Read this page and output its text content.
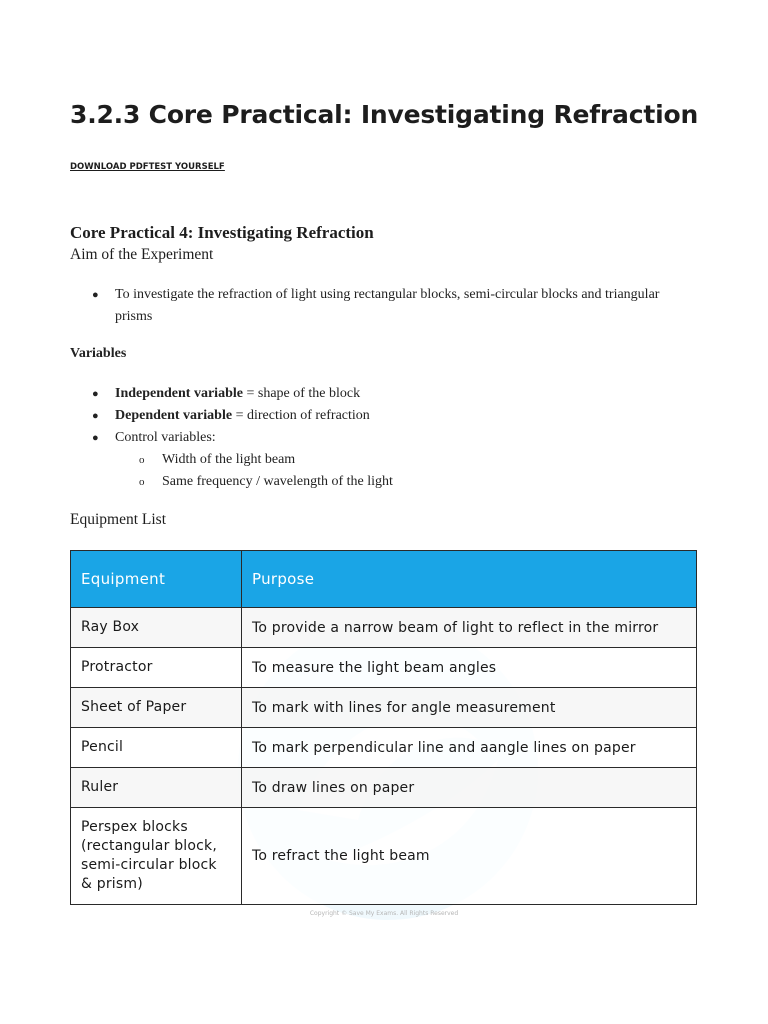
3.2.3 Core Practical: Investigating Refraction
DOWNLOAD PDFTEST YOURSELF
Core Practical 4: Investigating Refraction
Aim of the Experiment
● To investigate the refraction of light using rectangular blocks, semi-circular blocks and triangular prisms
Variables
● Independent variable = shape of the block
● Dependent variable = direction of refraction
● Control variables:
o Width of the light beam
o Same frequency / wavelength of the light
Equipment List
Equipment	Purpose
Ray Box	To provide a narrow beam of light to reflect in the mirror
Protractor	To measure the light beam angles
Sheet of Paper	To mark with lines for angle measurement
Pencil	To mark perpendicular line and aangle lines on paper
Ruler	To draw lines on paper
Perspex blocks (rectangular block, semi-circular block & prism)	To refract the light beam
Copyright © Save My Exams. All Rights Reserved
